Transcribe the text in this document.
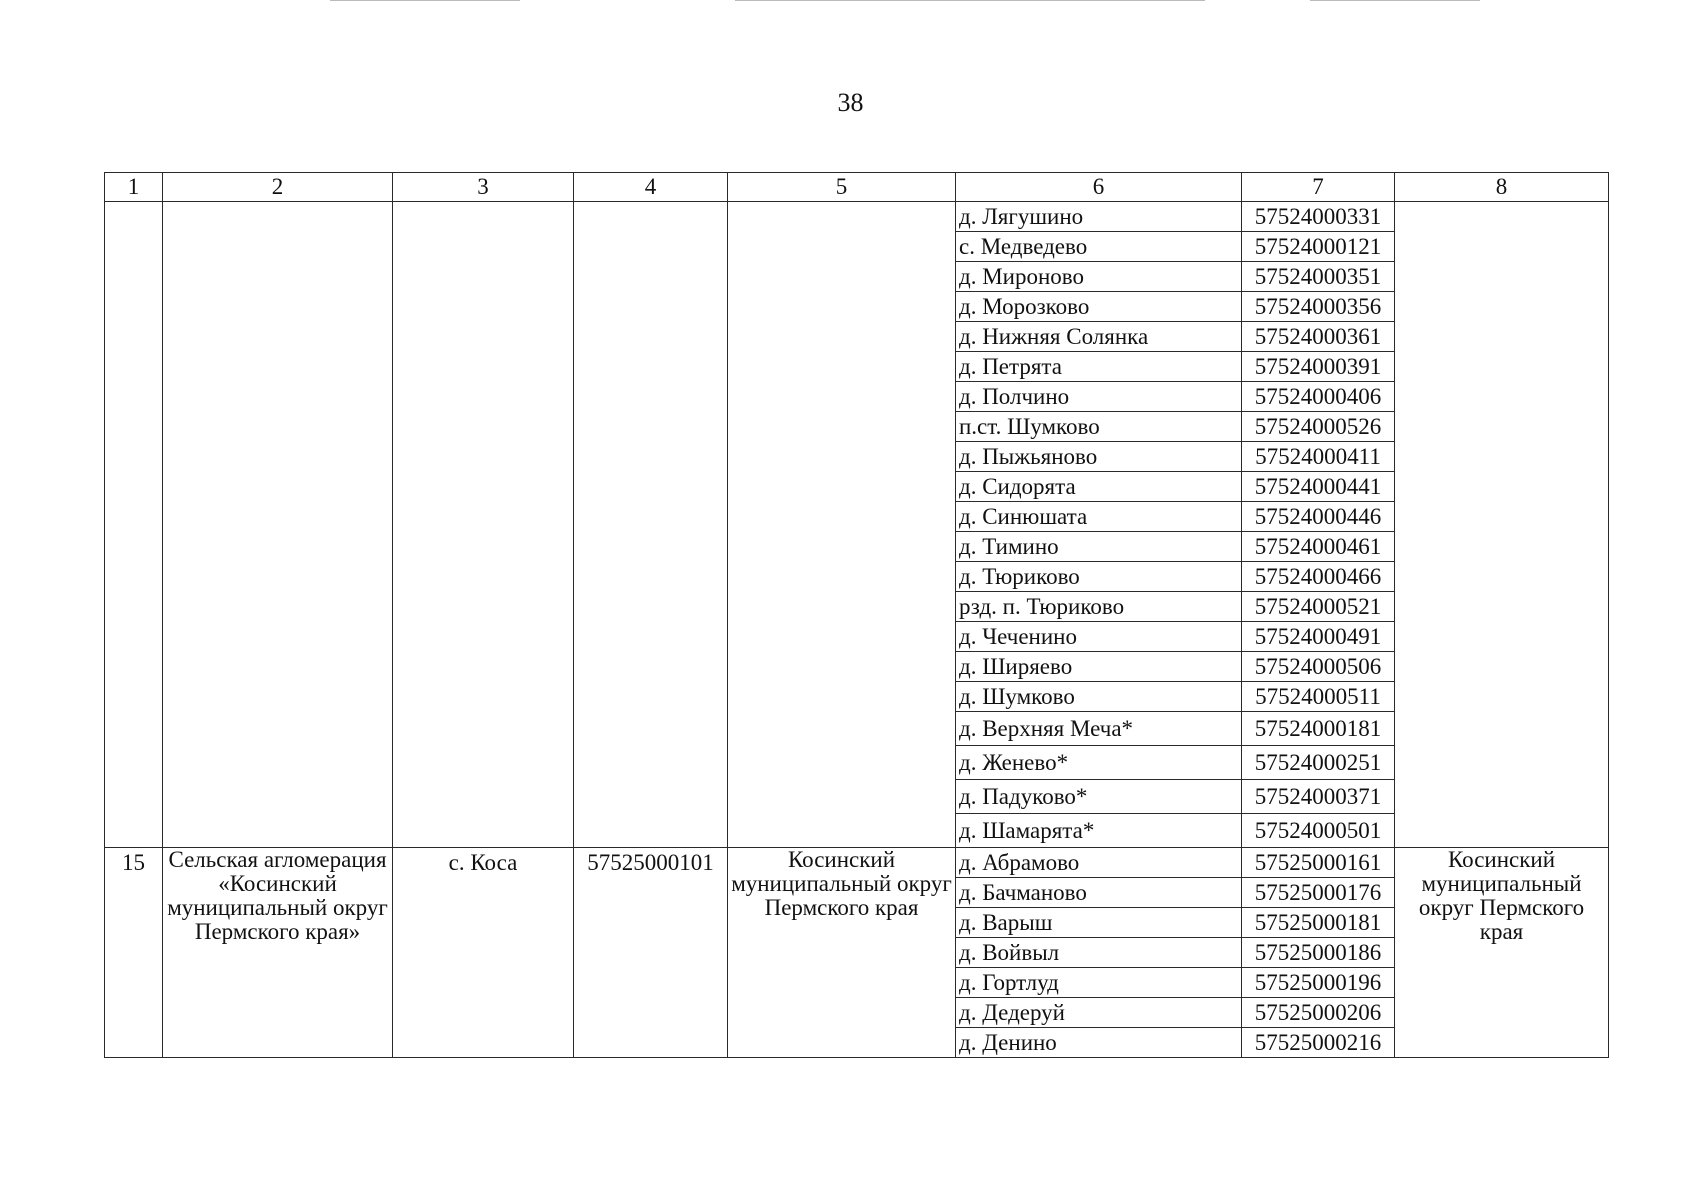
38
1	2	3	4	5	6	7	8
					д. Лягушино	57524000331	
					с. Медведево	57524000121	
					д. Мироново	57524000351	
					д. Морозково	57524000356	
					д. Нижняя Солянка	57524000361	
					д. Петрята	57524000391	
					д. Полчино	57524000406	
					п.ст. Шумково	57524000526	
					д. Пыжьяново	57524000411	
					д. Сидорята	57524000441	
					д. Синюшата	57524000446	
					д. Тимино	57524000461	
					д. Тюриково	57524000466	
					рзд. п. Тюриково	57524000521	
					д. Чеченино	57524000491	
					д. Ширяево	57524000506	
					д. Шумково	57524000511	
					д. Верхняя Меча*	57524000181	
					д. Женево*	57524000251	
					д. Падуково*	57524000371	
					д. Шамарята*	57524000501	
15	Сельская агломерация «Косинский муниципальный округ Пермского края»	с. Коса	57525000101	Косинский муниципальный округ Пермского края	д. Абрамово	57525000161	Косинский муниципальный округ Пермского края
					д. Бачманово	57525000176	
					д. Варыш	57525000181	
					д. Войвыл	57525000186	
					д. Гортлуд	57525000196	
					д. Дедеруй	57525000206	
					д. Денино	57525000216	
